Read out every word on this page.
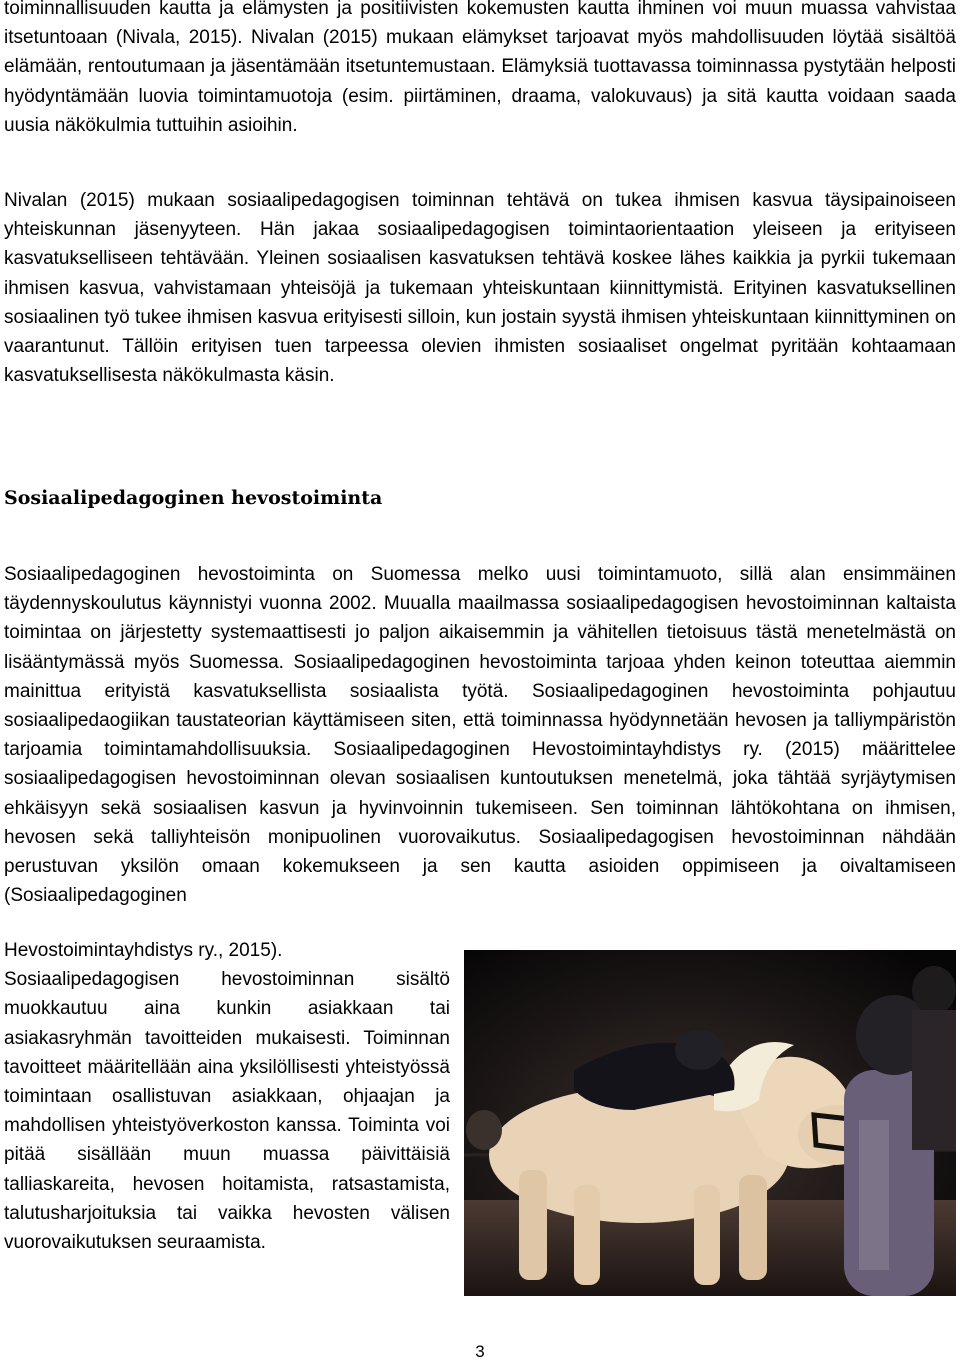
toiminnallisuuden kautta ja elämysten ja positiivisten kokemusten kautta ihminen voi muun muassa vahvistaa itsetuntoaan (Nivala, 2015). Nivalan (2015) mukaan elämykset tarjoavat myös mahdollisuuden löytää sisältöä elämään, rentoutumaan ja jäsentämään itsetuntemustaan. Elämyksiä tuottavassa toiminnassa pystytään helposti hyödyntämään luovia toimintamuotoja (esim. piirtäminen, draama, valokuvaus) ja sitä kautta voidaan saada uusia näkökulmia tuttuihin asioihin.

Nivalan (2015) mukaan sosiaalipedagogisen toiminnan tehtävä on tukea ihmisen kasvua täysipainoiseen yhteiskunnan jäsenyyteen. Hän jakaa sosiaalipedagogisen toimintaorientaation yleiseen ja erityiseen kasvatukselliseen tehtävään. Yleinen sosiaalisen kasvatuksen tehtävä koskee lähes kaikkia ja pyrkii tukemaan ihmisen kasvua, vahvistamaan yhteisöjä ja tukemaan yhteiskuntaan kiinnittymistä. Erityinen kasvatuksellinen sosiaalinen työ tukee ihmisen kasvua erityisesti silloin, kun jostain syystä ihmisen yhteiskuntaan kiinnittyminen on vaarantunut. Tällöin erityisen tuen tarpeessa olevien ihmisten sosiaaliset ongelmat pyritään kohtaamaan kasvatuksellisesta näkökulmasta käsin.

Sosiaalipedagoginen hevostoiminta

Sosiaalipedagoginen hevostoiminta on Suomessa melko uusi toimintamuoto, sillä alan ensimmäinen täydennyskoulutus käynnistyi vuonna 2002. Muualla maailmassa sosiaalipedagogisen hevostoiminnan kaltaista toimintaa on järjestetty systemaattisesti jo paljon aikaisemmin ja vähitellen tietoisuus tästä menetelmästä on lisääntymässä myös Suomessa. Sosiaalipedagoginen hevostoiminta tarjoaa yhden keinon toteuttaa aiemmin mainittua erityistä kasvatuksellista sosiaalista työtä. Sosiaalipedagoginen hevostoiminta pohjautuu sosiaalipedaogiikan taustateorian käyttämiseen siten, että toiminnassa hyödynnetään hevosen ja talliympäristön tarjoamia toimintamahdollisuuksia. Sosiaalipedagoginen Hevostoimintayhdistys ry. (2015) määrittelee sosiaalipedagogisen hevostoiminnan olevan sosiaalisen kuntoutuksen menetelmä, joka tähtää syrjäytymisen ehkäisyyn sekä sosiaalisen kasvun ja hyvinvoinnin tukemiseen. Sen toiminnan lähtökohtana on ihmisen, hevosen sekä talliyhteisön monipuolinen vuorovaikutus. Sosiaalipedagogisen hevostoiminnan nähdään perustuvan yksilön omaan kokemukseen ja sen kautta asioiden oppimiseen ja oivaltamiseen (Sosiaalipedagoginen

Hevostoimintayhdistys ry., 2015).
Sosiaalipedagogisen hevostoiminnan sisältö muokkautuu aina kunkin asiakkaan tai asiakasryhmän tavoitteiden mukaisesti. Toiminnan tavoitteet määritellään aina yksilöllisesti yhteistyössä toimintaan osallistuvan asiakkaan, ohjaajan ja mahdollisen yhteistyöverkoston kanssa. Toiminta voi pitää sisällään muun muassa päivittäisiä talliaskareita, hevosen hoitamista, ratsastamista, talutusharjoituksia tai vaikka hevosten välisen vuorovaikutuksen seuraamista.

3
